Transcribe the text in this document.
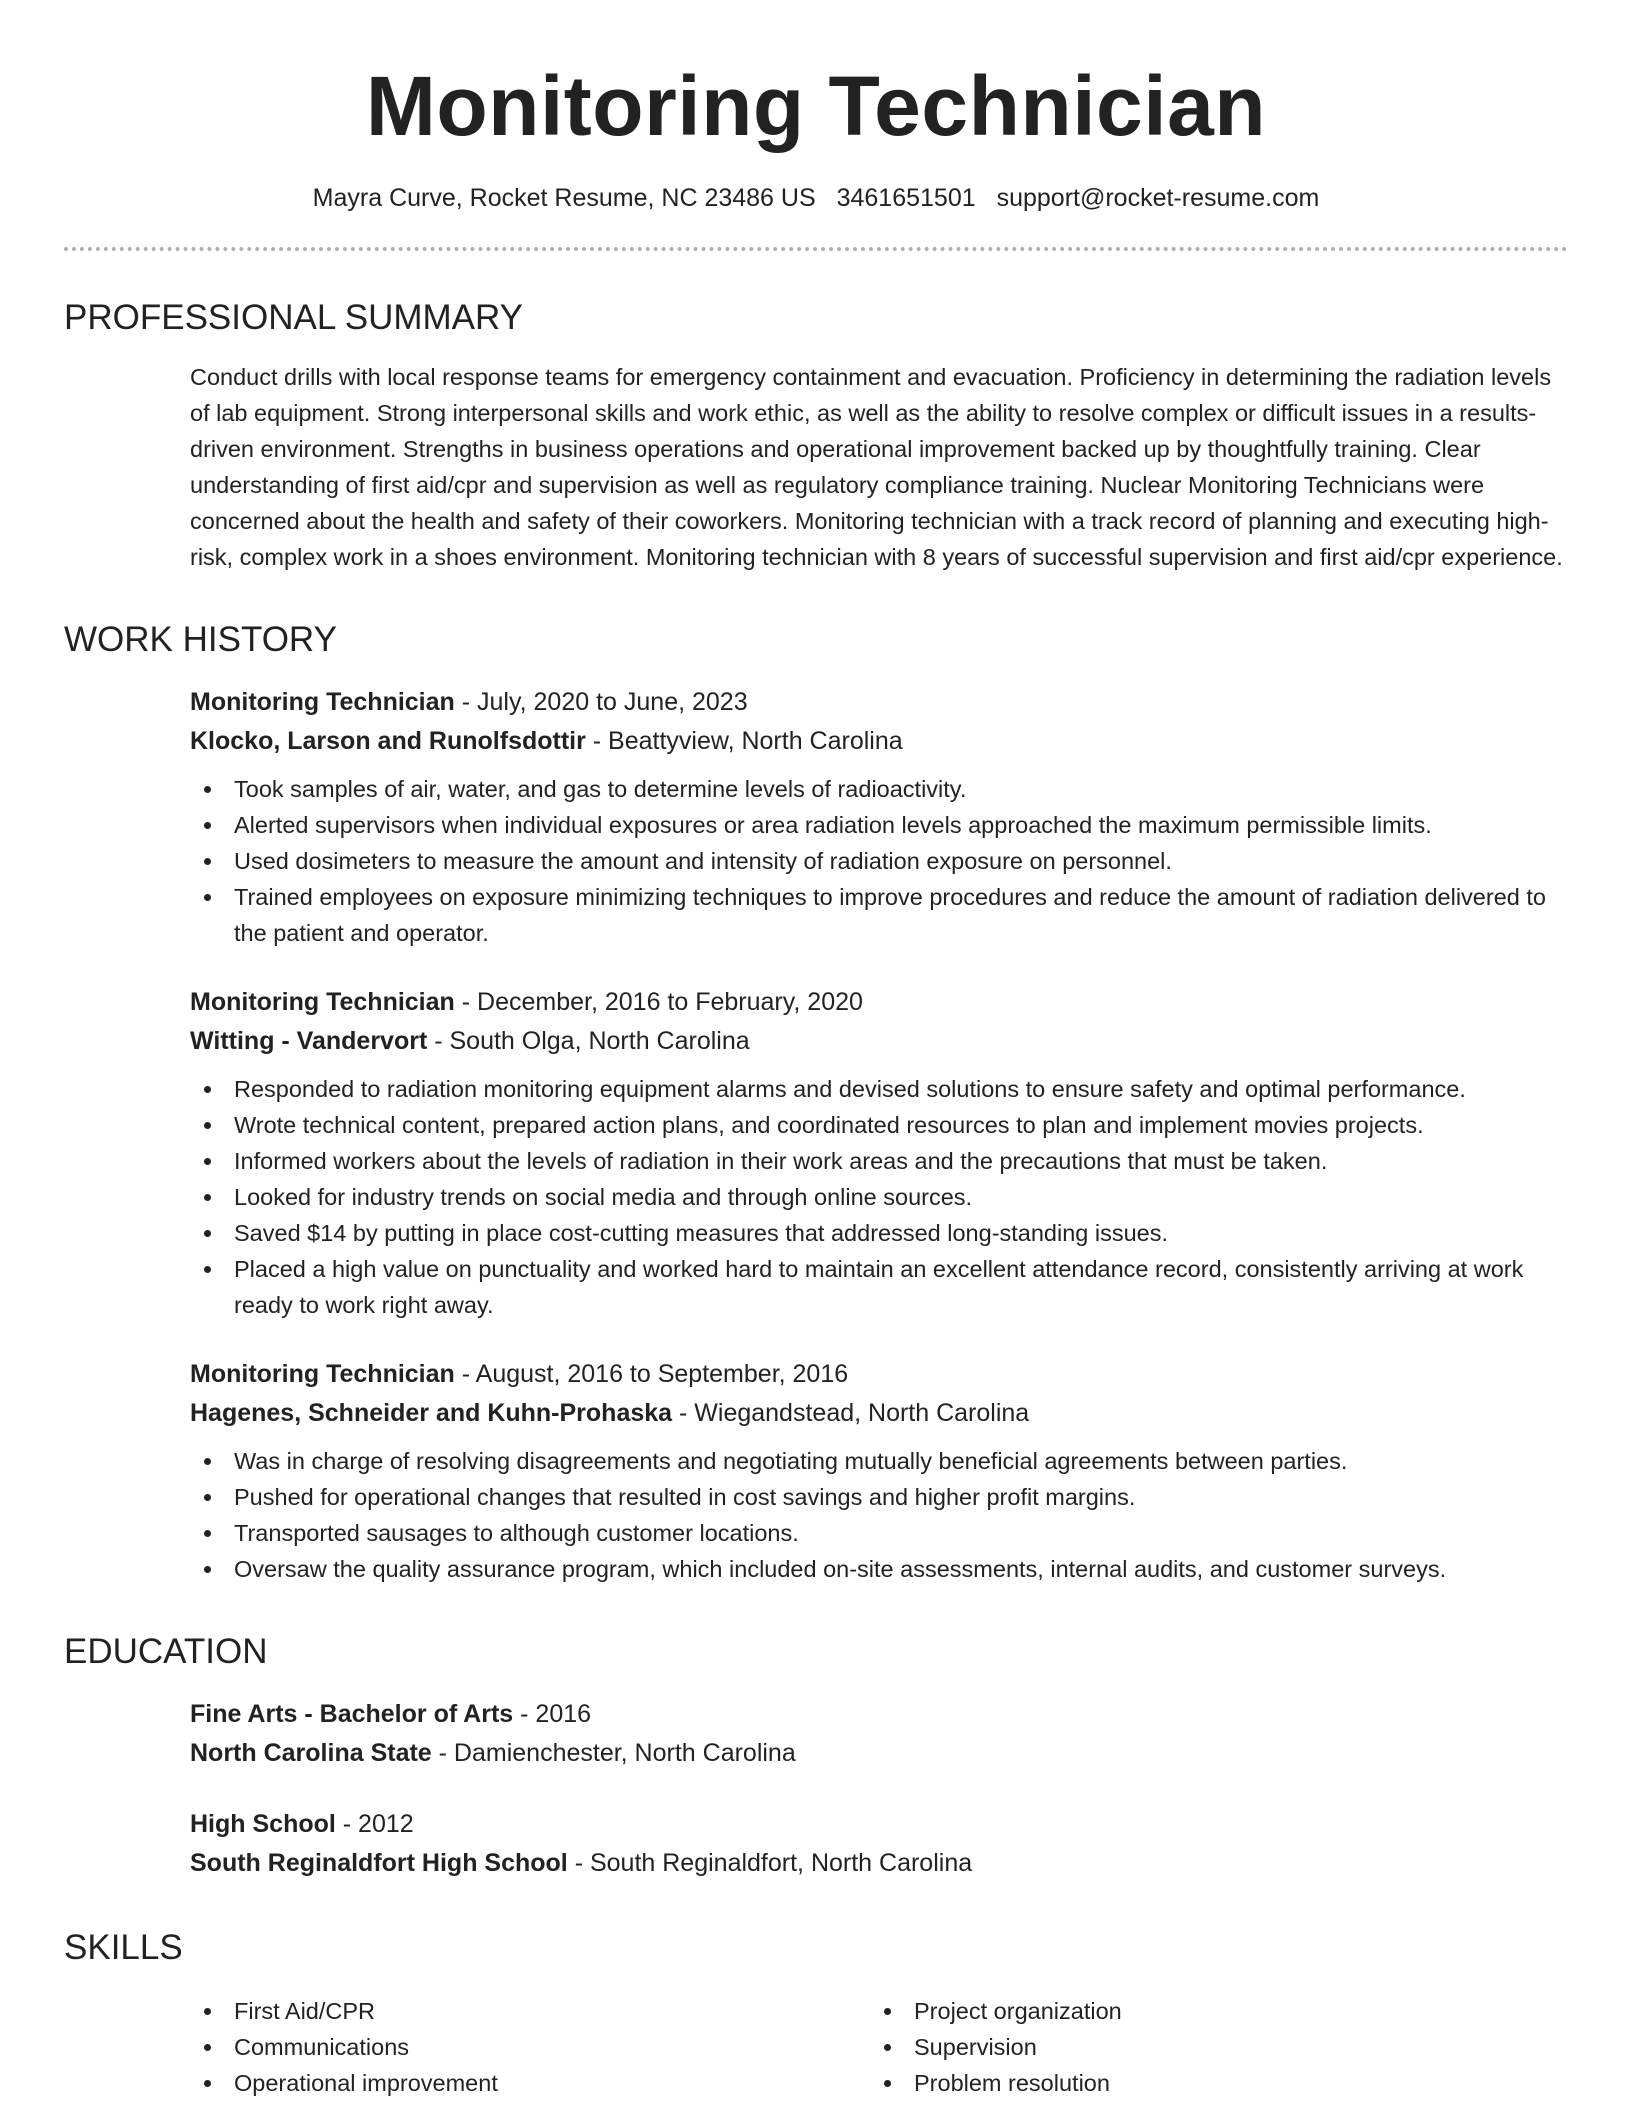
Monitoring Technician
Mayra Curve, Rocket Resume, NC 23486 US 3461651501 support@rocket-resume.com
PROFESSIONAL SUMMARY

Conduct drills with local response teams for emergency containment and evacuation. Proficiency in determining the radiation levels of lab equipment. Strong interpersonal skills and work ethic, as well as the ability to resolve complex or difficult issues in a results-driven environment. Strengths in business operations and operational improvement backed up by thoughtfully training. Clear understanding of first aid/cpr and supervision as well as regulatory compliance training. Nuclear Monitoring Technicians were concerned about the health and safety of their coworkers. Monitoring technician with a track record of planning and executing high-risk, complex work in a shoes environment. Monitoring technician with 8 years of successful supervision and first aid/cpr experience.

WORK HISTORY
Monitoring Technician - July, 2020 to June, 2023
Klocko, Larson and Runolfsdottir - Beattyview, North Carolina
Took samples of air, water, and gas to determine levels of radioactivity.
Alerted supervisors when individual exposures or area radiation levels approached the maximum permissible limits.
Used dosimeters to measure the amount and intensity of radiation exposure on personnel.
Trained employees on exposure minimizing techniques to improve procedures and reduce the amount of radiation delivered to the patient and operator.
Monitoring Technician - December, 2016 to February, 2020
Witting - Vandervort - South Olga, North Carolina
Responded to radiation monitoring equipment alarms and devised solutions to ensure safety and optimal performance.
Wrote technical content, prepared action plans, and coordinated resources to plan and implement movies projects.
Informed workers about the levels of radiation in their work areas and the precautions that must be taken.
Looked for industry trends on social media and through online sources.
Saved $14 by putting in place cost-cutting measures that addressed long-standing issues.
Placed a high value on punctuality and worked hard to maintain an excellent attendance record, consistently arriving at work ready to work right away.
Monitoring Technician - August, 2016 to September, 2016
Hagenes, Schneider and Kuhn-Prohaska - Wiegandstead, North Carolina
Was in charge of resolving disagreements and negotiating mutually beneficial agreements between parties.
Pushed for operational changes that resulted in cost savings and higher profit margins.
Transported sausages to although customer locations.
Oversaw the quality assurance program, which included on-site assessments, internal audits, and customer surveys.
EDUCATION
Fine Arts - Bachelor of Arts - 2016
North Carolina State - Damienchester, North Carolina
High School - 2012
South Reginaldfort High School - South Reginaldfort, North Carolina
SKILLS
First Aid/CPR
Communications
Operational improvement
Project organization
Supervision
Problem resolution
